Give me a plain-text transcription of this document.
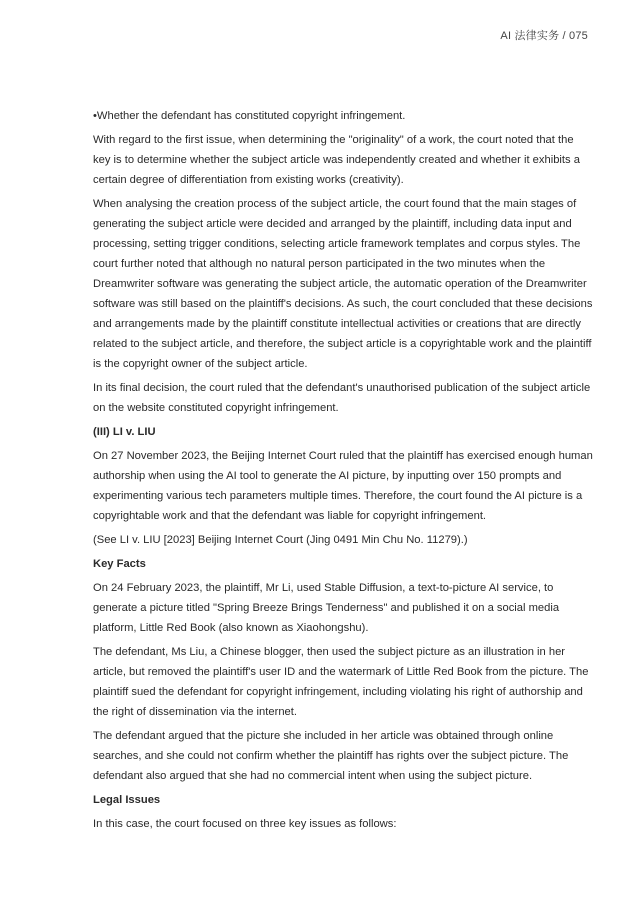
AI 法律实务 / 075

• Whether the defendant has constituted copyright infringement.

With regard to the first issue, when determining the "originality" of a work, the court noted that the key is to determine whether the subject article was independently created and whether it exhibits a certain degree of differentiation from existing works (creativity).

When analysing the creation process of the subject article, the court found that the main stages of generating the subject article were decided and arranged by the plaintiff, including data input and processing, setting trigger conditions, selecting article framework templates and corpus styles. The court further noted that although no natural person participated in the two minutes when the Dreamwriter software was generating the subject article, the automatic operation of the Dreamwriter software was still based on the plaintiff's decisions. As such, the court concluded that these decisions and arrangements made by the plaintiff constitute intellectual activities or creations that are directly related to the subject article, and therefore, the subject article is a copyrightable work and the plaintiff is the copyright owner of the subject article.

In its final decision, the court ruled that the defendant's unauthorised publication of the subject article on the website constituted copyright infringement.

(III) LI v. LIU

On 27 November 2023, the Beijing Internet Court ruled that the plaintiff has exercised enough human authorship when using the AI tool to generate the AI picture, by inputting over 150 prompts and experimenting various tech parameters multiple times. Therefore, the court found the AI picture is a copyrightable work and that the defendant was liable for copyright infringement.

(See LI v. LIU [2023] Beijing Internet Court (Jing 0491 Min Chu No. 11279).)

Key Facts

On 24 February 2023, the plaintiff, Mr Li, used Stable Diffusion, a text-to-picture AI service, to generate a picture titled "Spring Breeze Brings Tenderness" and published it on a social media platform, Little Red Book (also known as Xiaohongshu).

The defendant, Ms Liu, a Chinese blogger, then used the subject picture as an illustration in her article, but removed the plaintiff's user ID and the watermark of Little Red Book from the picture. The plaintiff sued the defendant for copyright infringement, including violating his right of authorship and the right of dissemination via the internet.

The defendant argued that the picture she included in her article was obtained through online searches, and she could not confirm whether the plaintiff has rights over the subject picture. The defendant also argued that she had no commercial intent when using the subject picture.

Legal Issues

In this case, the court focused on three key issues as follows:
